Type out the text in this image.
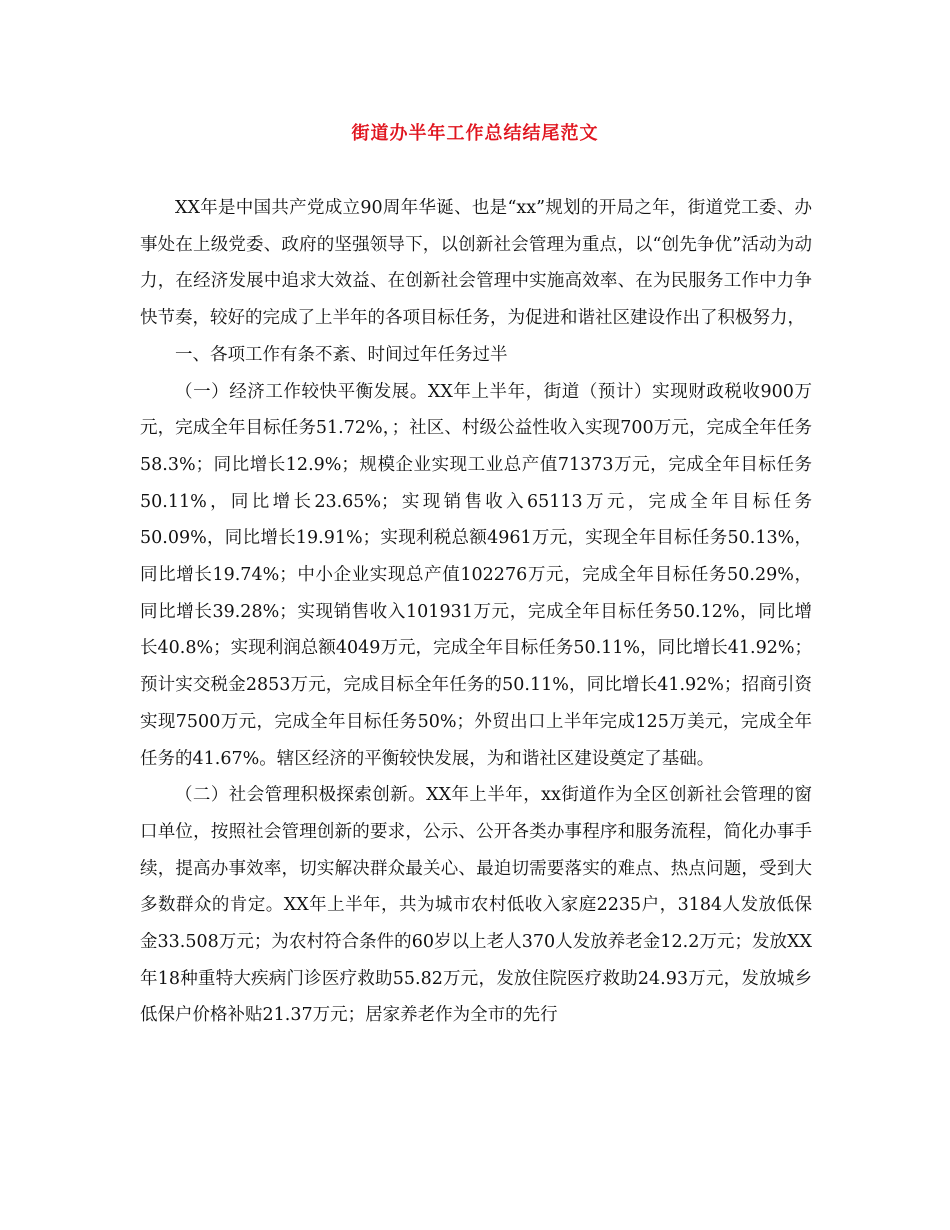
街道办半年工作总结结尾范文

XX年是中国共产党成立90周年华诞、也是“xx”规划的开局之年，街道党工委、办事处在上级党委、政府的坚强领导下，以创新社会管理为重点，以“创先争优”活动为动力，在经济发展中追求大效益、在创新社会管理中实施高效率、在为民服务工作中力争快节奏，较好的完成了上半年的各项目标任务，为促进和谐社区建设作出了积极努力，

一、各项工作有条不紊、时间过年任务过半

（一）经济工作较快平衡发展。XX年上半年，街道（预计）实现财政税收900万元，完成全年目标任务51.72%，；社区、村级公益性收入实现700万元，完成全年任务58.3%；同比增长12.9%；规模企业实现工业总产值71373万元，完成全年目标任务50.11%，同比增长23.65%；实现销售收入65113万元，完成全年目标任务50.09%，同比增长19.91%；实现利税总额4961万元，实现全年目标任务50.13%，同比增长19.74%；中小企业实现总产值102276万元，完成全年目标任务50.29%，同比增长39.28%；实现销售收入101931万元，完成全年目标任务50.12%，同比增长40.8%；实现利润总额4049万元，完成全年目标任务50.11%，同比增长41.92%；预计实交税金2853万元，完成目标全年任务的50.11%，同比增长41.92%；招商引资实现7500万元，完成全年目标任务50%；外贸出口上半年完成125万美元，完成全年任务的41.67%。辖区经济的平衡较快发展，为和谐社区建设奠定了基础。

（二）社会管理积极探索创新。XX年上半年，xx街道作为全区创新社会管理的窗口单位，按照社会管理创新的要求，公示、公开各类办事程序和服务流程，简化办事手续，提高办事效率，切实解决群众最关心、最迫切需要落实的难点、热点问题，受到大多数群众的肯定。XX年上半年，共为城市农村低收入家庭2235户，3184人发放低保金33.508万元；为农村符合条件的60岁以上老人370人发放养老金12.2万元；发放XX年18种重特大疾病门诊医疗救助55.82万元，发放住院医疗救助24.93万元，发放城乡低保户价格补贴21.37万元；居家养老作为全市的先行
